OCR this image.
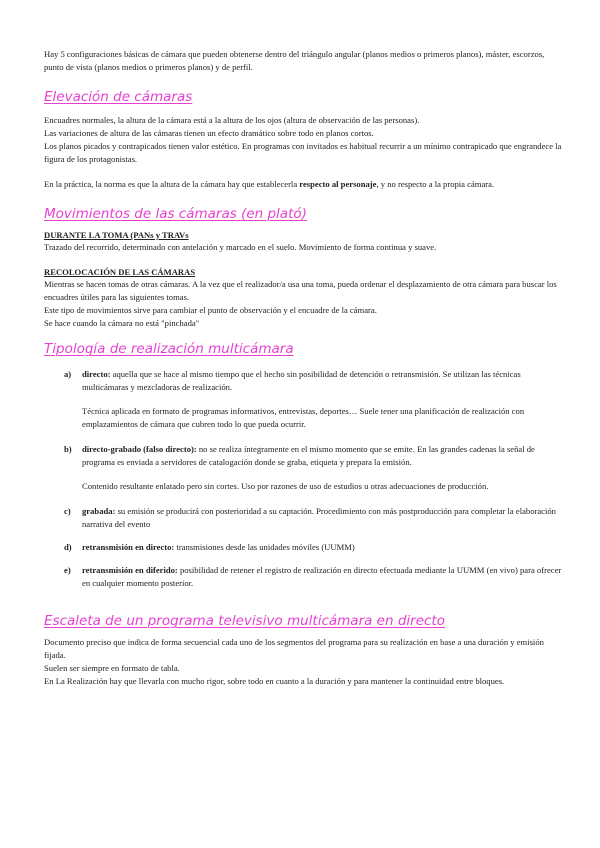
Hay 5 configuraciones básicas de cámara que pueden obtenerse dentro del triángulo angular (planos medios o primeros planos), máster, escorzos, punto de vista (planos medios o primeros planos) y de perfil.

Elevación de cámaras

Encuadres normales, la altura de la cámara está a la altura de los ojos (altura de observación de las personas).

Las variaciones de altura de las cámaras tienen un efecto dramático sobre todo en planos cortos.

Los planos picados y contrapicados tienen valor estético. En programas con invitados es habitual recurrir a un mínimo contrapicado que engrandece la figura de los protagonistas.

En la práctica, la norma es que la altura de la cámara hay que establecerla respecto al personaje, y no respecto a la propia cámara.

Movimientos de las cámaras (en plató)

DURANTE LA TOMA (PANs y TRAVs

Trazado del recorrido, determinado con antelación y marcado en el suelo. Movimiento de forma continua y suave.

RECOLOCACIÓN DE LAS CÁMARAS

Mientras se hacen tomas de otras cámaras. A la vez que el realizador/a usa una toma, pueda ordenar el desplazamiento de otra cámara para buscar los encuadres útiles para las siguientes tomas.

Este tipo de movimientos sirve para cambiar el punto de observación y el encuadre de la cámara.

Se hace cuando la cámara no está "pinchada"

Tipología de realización multicámara
a)	directo: aquella que se hace al mismo tiempo que el hecho sin posibilidad de detención o retransmisión. Se utilizan las técnicas multicámaras y mezcladoras de realización.

Técnica aplicada en formato de programas informativos, entrevistas, deportes… Suele tener una planificación de realización con emplazamientos de cámara que cubren todo lo que pueda ocurrir.

b)	directo-grabado (falso directo): no se realiza íntegramente en el mismo momento que se emite. En las grandes cadenas la señal de programa es enviada a servidores de catalogación donde se graba, etiqueta y prepara la emisión.

Contenido resultante enlatado pero sin cortes. Uso por razones de uso de estudios u otras adecuaciones de producción.

c)	grabada: su emisión se producirá con posterioridad a su captación. Procedimiento con más postproducción para completar la elaboración narrativa del evento

d)	retransmisión en directo: transmisiones desde las unidades móviles (UUMM)

e)	retransmisión en diferido: posibilidad de retener el registro de realización en directo efectuada mediante la UUMM (en vivo) para ofrecer en cualquier momento posterior.

Escaleta de un programa televisivo multicámara en directo

Documento preciso que indica de forma secuencial cada uno de los segmentos del programa para su realización en base a una duración y emisión fijada.

Suelen ser siempre en formato de tabla.

En La Realización hay que llevarla con mucho rigor, sobre todo en cuanto a la duración y para mantener la continuidad entre bloques.
